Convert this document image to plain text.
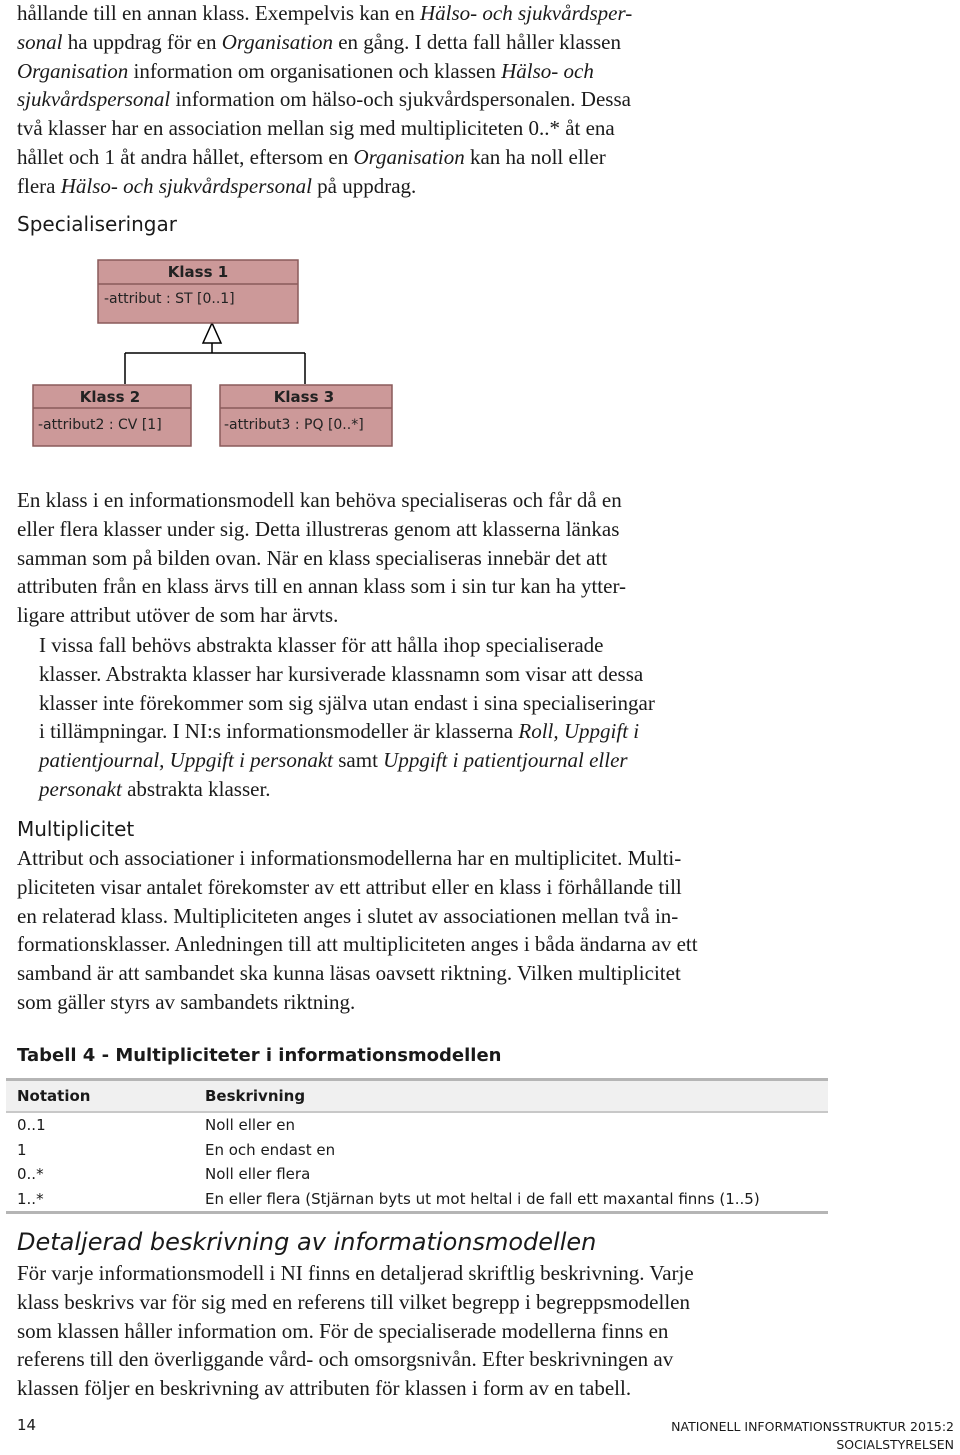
hållande till en annan klass. Exempelvis kan en Hälso- och sjukvårdsper-
sonal ha uppdrag för en Organisation en gång. I detta fall håller klassen
Organisation information om organisationen och klassen Hälso- och
sjukvårdspersonal information om hälso-och sjukvårdspersonalen. Dessa
två klasser har en association mellan sig med multipliciteten 0..* åt ena
hållet och 1 åt andra hållet, eftersom en Organisation kan ha noll eller
flera Hälso- och sjukvårdspersonal på uppdrag.
Specialiseringar
Klass 1
-attribut : ST [0..1]
Klass 2
-attribut2 : CV [1]
Klass 3
-attribut3 : PQ [0..*]
En klass i en informationsmodell kan behöva specialiseras och får då en
eller flera klasser under sig. Detta illustreras genom att klasserna länkas
samman som på bilden ovan. När en klass specialiseras innebär det att
attributen från en klass ärvs till en annan klass som i sin tur kan ha ytter-
ligare attribut utöver de som har ärvts.
I vissa fall behövs abstrakta klasser för att hålla ihop specialiserade
klasser. Abstrakta klasser har kursiverade klassnamn som visar att dessa
klasser inte förekommer som sig själva utan endast i sina specialiseringar
i tillämpningar. I NI:s informationsmodeller är klasserna Roll, Uppgift i
patientjournal, Uppgift i personakt samt Uppgift i patientjournal eller
personakt abstrakta klasser.
Multiplicitet
Attribut och associationer i informationsmodellerna har en multiplicitet. Multi-
pliciteten visar antalet förekomster av ett attribut eller en klass i förhållande till
en relaterad klass. Multipliciteten anges i slutet av associationen mellan två in-
formationsklasser. Anledningen till att multipliciteten anges i båda ändarna av ett
samband är att sambandet ska kunna läsas oavsett riktning. Vilken multiplicitet
som gäller styrs av sambandets riktning.
Tabell 4 - Multipliciteter i informationsmodellen
Notation	Beskrivning
0..1	Noll eller en
1	En och endast en
0..*	Noll eller flera
1..*	En eller flera (Stjärnan byts ut mot heltal i de fall ett maxantal finns (1..5)
Detaljerad beskrivning av informationsmodellen
För varje informationsmodell i NI finns en detaljerad skriftlig beskrivning. Varje
klass beskrivs var för sig med en referens till vilket begrepp i begreppsmodellen
som klassen håller information om. För de specialiserade modellerna finns en
referens till den överliggande vård- och omsorgsnivån. Efter beskrivningen av
klassen följer en beskrivning av attributen för klassen i form av en tabell.
14	NATIONELL INFORMATIONSSTRUKTUR 2015:2
SOCIALSTYRELSEN
